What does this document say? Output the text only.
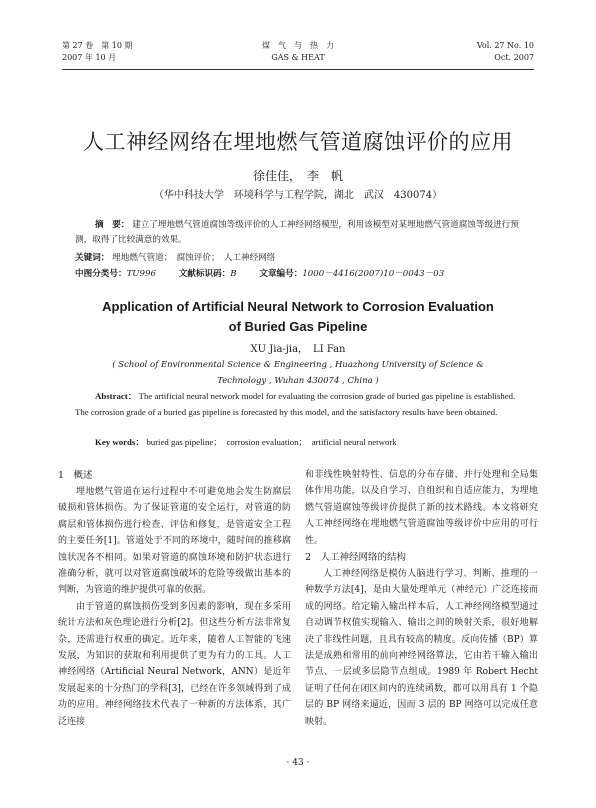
第 27 卷　第 10 期
2007 年 10 月
煤　气　与　热　力
GAS & HEAT
Vol. 27 No. 10
Oct. 2007
人工神经网络在埋地燃气管道腐蚀评价的应用
徐佳佳，　李　帆
（华中科技大学　环境科学与工程学院，湖北　武汉　430074）
摘　要： 建立了埋地燃气管道腐蚀等级评价的人工神经网络模型，利用该模型对某埋地燃气管道腐蚀等级进行预测，取得了比较满意的效果。
关键词： 埋地燃气管道；　腐蚀评价；　人工神经网络
中图分类号：TU996	文献标识码：B	文章编号：1000－4416(2007)10－0043－03
Application of Artificial Neural Network to Corrosion Evaluation
of Buried Gas Pipeline
XU Jia-jia，　LI Fan
( School of Environmental Science & Engineering , Huazhong University of Science &
Technology , Wuhan 430074 , China )
Abstract： The artificial neural network model for evaluating the corrosion grade of buried gas pipeline is established. The corrosion grade of a buried gas pipeline is forecasted by this model, and the satisfactory results have been obtained.
Key words： buried gas pipeline；　corrosion evaluation；　artificial neural network
1　概述

埋地燃气管道在运行过程中不可避免地会发生防腐层破损和管体损伤。为了保证管道的安全运行，对管道的防腐层和管体损伤进行检查、评估和修复，是管道安全工程的主要任务[1]。管道处于不同的环境中，随时间的推移腐蚀状况各不相同。如果对管道的腐蚀环境和防护状态进行准确分析，就可以对管道腐蚀破坏的危险等级做出基本的判断，为管道的维护提供可靠的依据。

由于管道的腐蚀损伤受到多因素的影响，现在多采用统计方法和灰色理论进行分析[2]。但这些分析方法非常复杂，还需进行权重的确定。近年来，随着人工智能的飞速发展，为知识的获取和利用提供了更为有力的工具。人工神经网络（Artificial Neural Network，ANN）是近年发展起来的十分热门的学科[3]，已经在许多领域得到了成功的应用。神经网络技术代表了一种新的方法体系，其广泛连接

和非线性映射特性、信息的分布存储、并行处理和全局集体作用功能，以及自学习、自组织和自适应能力，为埋地燃气管道腐蚀等级评价提供了新的技术路线。本文将研究人工神经网络在埋地燃气管道腐蚀等级评价中应用的可行性。

2　人工神经网络的结构

人工神经网络是模仿人脑进行学习、判断、推理的一种数学方法[4]，是由大量处理单元（神经元）广泛连接而成的网络。给定输入输出样本后，人工神经网络模型通过自动调节权值实现输入、输出之间的映射关系，很好地解决了非线性问题，且具有较高的精度。反向传播（BP）算法是成熟和常用的前向神经网络算法，它由若干输入输出节点、一层或多层隐节点组成。1989 年 Robert Hecht 证明了任何在闭区间内的连续函数，都可以用具有 1 个隐层的 BP 网络来逼近，因而 3 层的 BP 网络可以完成任意映射。

· 43 ·
